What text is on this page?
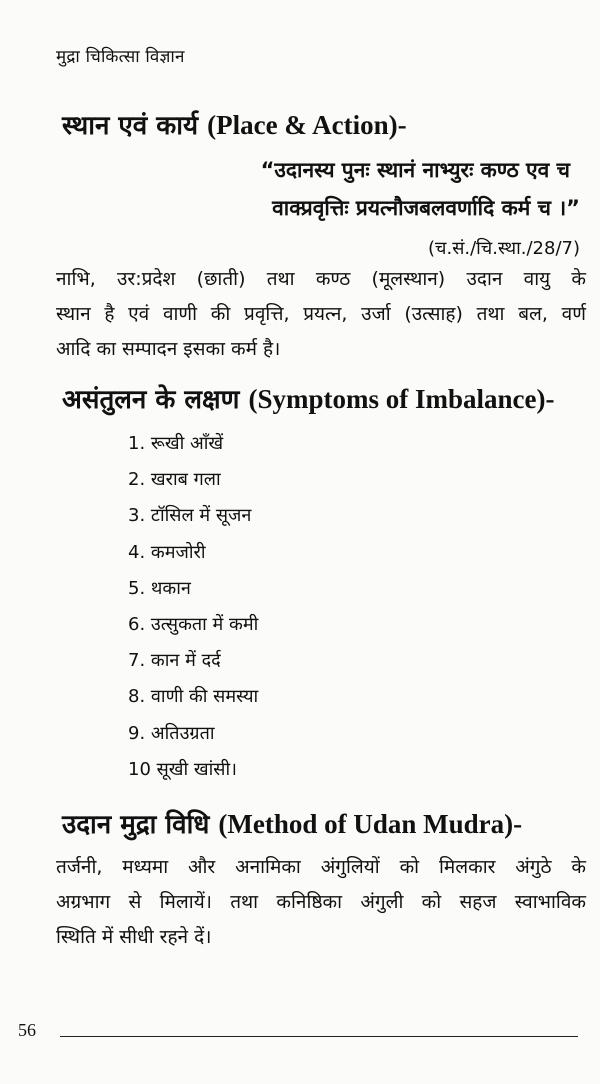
मुद्रा चिकित्सा विज्ञान
स्थान एवं कार्य (Place & Action)-
“उदानस्य पुनः स्थानं नाभ्युरः कण्ठ एव च
वाक्प्रवृत्तिः प्रयत्नौजबलवर्णादि कर्म च ।”
(च.सं./चि.स्था./28/7)
नाभि, उर:प्रदेश (छाती) तथा कण्ठ (मूलस्थान) उदान वायु के
स्थान है एवं वाणी की प्रवृत्ति, प्रयत्न, उर्जा (उत्साह) तथा बल, वर्ण
आदि का सम्पादन इसका कर्म है।
असंतुलन के लक्षण (Symptoms of Imbalance)-
1. रूखी आँखें
2. खराब गला
3. टॉसिल में सूजन
4. कमजोरी
5. थकान
6. उत्सुकता में कमी
7. कान में दर्द
8. वाणी की समस्या
9. अतिउग्रता
10 सूखी खांसी।
उदान मुद्रा विधि (Method of Udan Mudra)-
तर्जनी, मध्यमा और अनामिका अंगुलियों को मिलकार अंगुठे के
अग्रभाग से मिलायें। तथा कनिष्ठिका अंगुली को सहज स्वाभाविक
स्थिति में सीधी रहने दें।
56
